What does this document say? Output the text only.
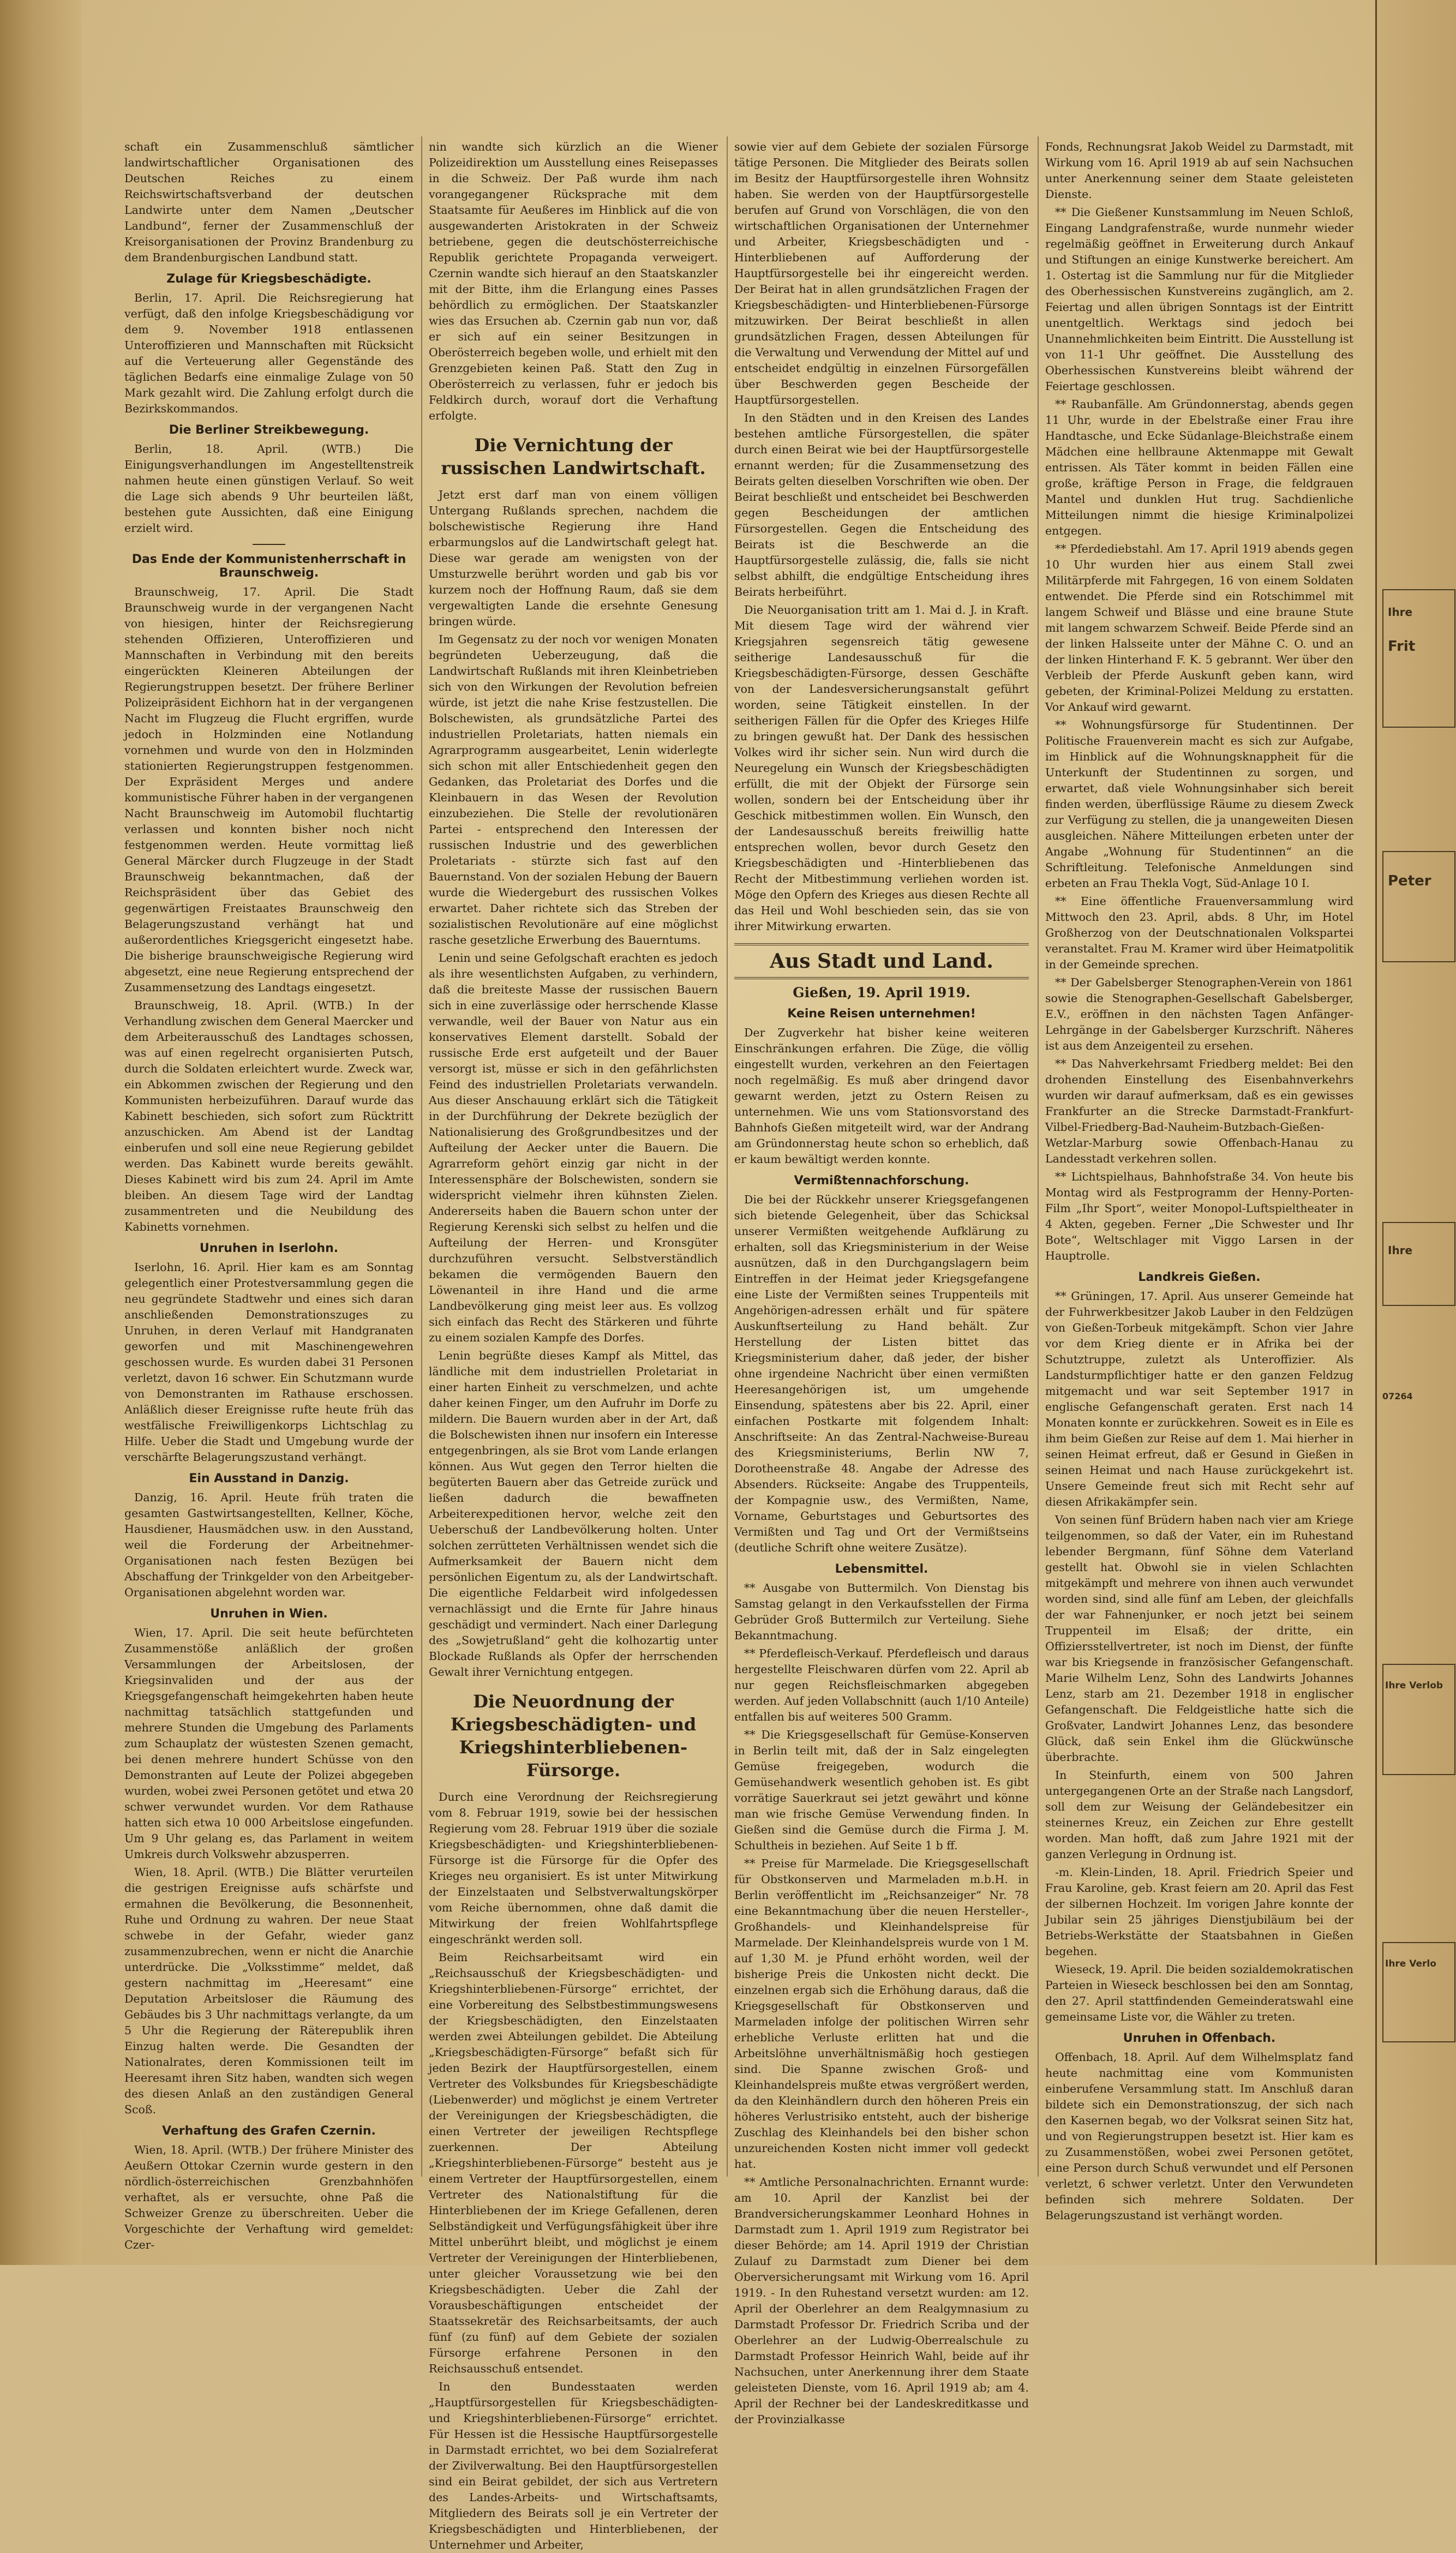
schaft ein Zusammenschluß sämtlicher landwirtschaftlicher Organisationen des Deutschen Reiches zu einem Reichswirtschaftsverband der deutschen Landwirte unter dem Namen „Deutscher Landbund“, ferner der Zusammenschluß der Kreisorganisationen der Provinz Brandenburg zu dem Brandenburgischen Landbund statt.

Zulage für Kriegsbeschädigte.

Berlin, 17. April. Die Reichsregierung hat verfügt, daß den infolge Kriegsbeschädigung vor dem 9. November 1918 entlassenen Unteroffizieren und Mannschaften mit Rücksicht auf die Verteuerung aller Gegenstände des täglichen Bedarfs eine einmalige Zulage von 50 Mark gezahlt wird. Die Zahlung erfolgt durch die Bezirkskommandos.

Die Berliner Streikbewegung.

Berlin, 18. April. (WTB.) Die Einigungsverhandlungen im Angestelltenstreik nahmen heute einen günstigen Verlauf. So weit die Lage sich abends 9 Uhr beurteilen läßt, bestehen gute Aussichten, daß eine Einigung erzielt wird.

Das Ende der Kommunistenherrschaft in Braunschweig.

Braunschweig, 17. April. Die Stadt Braunschweig wurde in der vergangenen Nacht von hiesigen, hinter der Reichsregierung stehenden Offizieren, Unteroffizieren und Mannschaften in Verbindung mit den bereits eingerückten Kleineren Abteilungen der Regierungstruppen besetzt. Der frühere Berliner Polizeipräsident Eichhorn hat in der vergangenen Nacht im Flugzeug die Flucht ergriffen, wurde jedoch in Holzminden eine Notlandung vornehmen und wurde von den in Holzminden stationierten Regierungstruppen festgenommen. Der Expräsident Merges und andere kommunistische Führer haben in der vergangenen Nacht Braunschweig im Automobil fluchtartig verlassen und konnten bisher noch nicht festgenommen werden. Heute vormittag ließ General Märcker durch Flugzeuge in der Stadt Braunschweig bekanntmachen, daß der Reichspräsident über das Gebiet des gegenwärtigen Freistaates Braunschweig den Belagerungszustand verhängt hat und außerordentliches Kriegsgericht eingesetzt habe. Die bisherige braunschweigische Regierung wird abgesetzt, eine neue Regierung entsprechend der Zusammensetzung des Landtags eingesetzt.

Braunschweig, 18. April. (WTB.) In der Verhandlung zwischen dem General Maercker und dem Arbeiterausschuß des Landtages schossen, was auf einen regelrecht organisierten Putsch, durch die Soldaten erleichtert wurde. Zweck war, ein Abkommen zwischen der Regierung und den Kommunisten herbeizuführen. Darauf wurde das Kabinett beschieden, sich sofort zum Rücktritt anzuschicken. Am Abend ist der Landtag einberufen und soll eine neue Regierung gebildet werden. Das Kabinett wurde bereits gewählt. Dieses Kabinett wird bis zum 24. April im Amte bleiben. An diesem Tage wird der Landtag zusammentreten und die Neubildung des Kabinetts vornehmen.

Unruhen in Iserlohn.

Iserlohn, 16. April. Hier kam es am Sonntag gelegentlich einer Protestversammlung gegen die neu gegründete Stadtwehr und eines sich daran anschließenden Demonstrationszuges zu Unruhen, in deren Verlauf mit Handgranaten geworfen und mit Maschinengewehren geschossen wurde. Es wurden dabei 31 Personen verletzt, davon 16 schwer. Ein Schutzmann wurde von Demonstranten im Rathause erschossen. Anläßlich dieser Ereignisse rufte heute früh das westfälische Freiwilligenkorps Lichtschlag zu Hilfe. Ueber die Stadt und Umgebung wurde der verschärfte Belagerungszustand verhängt.

Ein Ausstand in Danzig.

Danzig, 16. April. Heute früh traten die gesamten Gastwirtsangestellten, Kellner, Köche, Hausdiener, Hausmädchen usw. in den Ausstand, weil die Forderung der Arbeitnehmer-Organisationen nach festen Bezügen bei Abschaffung der Trinkgelder von den Arbeitgeber-Organisationen abgelehnt worden war.

Unruhen in Wien.

Wien, 17. April. Die seit heute befürchteten Zusammenstöße anläßlich der großen Versammlungen der Arbeitslosen, der Kriegsinvaliden und der aus der Kriegsgefangenschaft heimgekehrten haben heute nachmittag tatsächlich stattgefunden und mehrere Stunden die Umgebung des Parlaments zum Schauplatz der wüstesten Szenen gemacht, bei denen mehrere hundert Schüsse von den Demonstranten auf Leute der Polizei abgegeben wurden, wobei zwei Personen getötet und etwa 20 schwer verwundet wurden. Vor dem Rathause hatten sich etwa 10 000 Arbeitslose eingefunden. Um 9 Uhr gelang es, das Parlament in weitem Umkreis durch Volkswehr abzusperren.

Wien, 18. April. (WTB.) Die Blätter verurteilen die gestrigen Ereignisse aufs schärfste und ermahnen die Bevölkerung, die Besonnenheit, Ruhe und Ordnung zu wahren. Der neue Staat schwebe in der Gefahr, wieder ganz zusammenzubrechen, wenn er nicht die Anarchie unterdrücke. Die „Volksstimme“ meldet, daß gestern nachmittag im „Heeresamt“ eine Deputation Arbeitsloser die Räumung des Gebäudes bis 3 Uhr nachmittags verlangte, da um 5 Uhr die Regierung der Räterepublik ihren Einzug halten werde. Die Gesandten der Nationalrates, deren Kommissionen teilt im Heeresamt ihren Sitz haben, wandten sich wegen des diesen Anlaß an den zuständigen General Scoß.

Verhaftung des Grafen Czernin.

Wien, 18. April. (WTB.) Der frühere Minister des Aeußern Ottokar Czernin wurde gestern in den nördlich-österreichischen Grenzbahnhöfen verhaftet, als er versuchte, ohne Paß die Schweizer Grenze zu überschreiten. Ueber die Vorgeschichte der Verhaftung wird gemeldet: Czer-

nin wandte sich kürzlich an die Wiener Polizeidirektion um Ausstellung eines Reisepasses in die Schweiz. Der Paß wurde ihm nach vorangegangener Rücksprache mit dem Staatsamte für Aeußeres im Hinblick auf die von ausgewanderten Aristokraten in der Schweiz betriebene, gegen die deutschösterreichische Republik gerichtete Propaganda verweigert. Czernin wandte sich hierauf an den Staatskanzler mit der Bitte, ihm die Erlangung eines Passes behördlich zu ermöglichen. Der Staatskanzler wies das Ersuchen ab. Czernin gab nun vor, daß er sich auf ein seiner Besitzungen in Oberösterreich begeben wolle, und erhielt mit den Grenzgebieten keinen Paß. Statt den Zug in Oberösterreich zu verlassen, fuhr er jedoch bis Feldkirch durch, worauf dort die Verhaftung erfolgte.

Die Vernichtung der russischen Landwirtschaft.

Jetzt erst darf man von einem völligen Untergang Rußlands sprechen, nachdem die bolschewistische Regierung ihre Hand erbarmungslos auf die Landwirtschaft gelegt hat. Diese war gerade am wenigsten von der Umsturzwelle berührt worden und gab bis vor kurzem noch der Hoffnung Raum, daß sie dem vergewaltigten Lande die ersehnte Genesung bringen würde.

Im Gegensatz zu der noch vor wenigen Monaten begründeten Ueberzeugung, daß die Landwirtschaft Rußlands mit ihren Kleinbetrieben sich von den Wirkungen der Revolution befreien würde, ist jetzt die nahe Krise festzustellen. Die Bolschewisten, als grundsätzliche Partei des industriellen Proletariats, hatten niemals ein Agrarprogramm ausgearbeitet, Lenin widerlegte sich schon mit aller Entschiedenheit gegen den Gedanken, das Proletariat des Dorfes und die Kleinbauern in das Wesen der Revolution einzubeziehen. Die Stelle der revolutionären Partei - entsprechend den Interessen der russischen Industrie und des gewerblichen Proletariats - stürzte sich fast auf den Bauernstand. Von der sozialen Hebung der Bauern wurde die Wiedergeburt des russischen Volkes erwartet. Daher richtete sich das Streben der sozialistischen Revolutionäre auf eine möglichst rasche gesetzliche Erwerbung des Bauerntums.

Lenin und seine Gefolgschaft erachten es jedoch als ihre wesentlichsten Aufgaben, zu verhindern, daß die breiteste Masse der russischen Bauern sich in eine zuverlässige oder herrschende Klasse verwandle, weil der Bauer von Natur aus ein konservatives Element darstellt. Sobald der russische Erde erst aufgeteilt und der Bauer versorgt ist, müsse er sich in den gefährlichsten Feind des industriellen Proletariats verwandeln. Aus dieser Anschauung erklärt sich die Tätigkeit in der Durchführung der Dekrete bezüglich der Nationalisierung des Großgrundbesitzes und der Aufteilung der Aecker unter die Bauern. Die Agrarreform gehört einzig gar nicht in der Interessensphäre der Bolschewisten, sondern sie widerspricht vielmehr ihren kühnsten Zielen. Andererseits haben die Bauern schon unter der Regierung Kerenski sich selbst zu helfen und die Aufteilung der Herren- und Kronsgüter durchzuführen versucht. Selbstverständlich bekamen die vermögenden Bauern den Löwenanteil in ihre Hand und die arme Landbevölkerung ging meist leer aus. Es vollzog sich einfach das Recht des Stärkeren und führte zu einem sozialen Kampfe des Dorfes.

Lenin begrüßte dieses Kampf als Mittel, das ländliche mit dem industriellen Proletariat in einer harten Einheit zu verschmelzen, und achte daher keinen Finger, um den Aufruhr im Dorfe zu mildern. Die Bauern wurden aber in der Art, daß die Bolschewisten ihnen nur insofern ein Interesse entgegenbringen, als sie Brot vom Lande erlangen können. Aus Wut gegen den Terror hielten die begüterten Bauern aber das Getreide zurück und ließen dadurch die bewaffneten Arbeiterexpeditionen hervor, welche zeit den Ueberschuß der Landbevölkerung holten. Unter solchen zerrütteten Verhältnissen wendet sich die Aufmerksamkeit der Bauern nicht dem persönlichen Eigentum zu, als der Landwirtschaft. Die eigentliche Feldarbeit wird infolgedessen vernachlässigt und die Ernte für Jahre hinaus geschädigt und vermindert. Nach einer Darlegung des „Sowjetrußland“ geht die kolhozartig unter Blockade Rußlands als Opfer der herrschenden Gewalt ihrer Vernichtung entgegen.

Die Neuordnung der Kriegsbeschädigten- und Kriegshinterbliebenen-Fürsorge.

Durch eine Verordnung der Reichsregierung vom 8. Februar 1919, sowie bei der hessischen Regierung vom 28. Februar 1919 über die soziale Kriegsbeschädigten- und Kriegshinterbliebenen-Fürsorge ist die Fürsorge für die Opfer des Krieges neu organisiert. Es ist unter Mitwirkung der Einzelstaaten und Selbstverwaltungskörper vom Reiche übernommen, ohne daß damit die Mitwirkung der freien Wohlfahrtspflege eingeschränkt werden soll.

Beim Reichsarbeitsamt wird ein „Reichsausschuß der Kriegsbeschädigten- und Kriegshinterbliebenen-Fürsorge“ errichtet, der eine Vorbereitung des Selbstbestimmungswesens der Kriegsbeschädigten, den Einzelstaaten werden zwei Abteilungen gebildet. Die Abteilung „Kriegsbeschädigten-Fürsorge“ befaßt sich für jeden Bezirk der Hauptfürsorgestellen, einem Vertreter des Volksbundes für Kriegsbeschädigte (Liebenwerder) und möglichst je einem Vertreter der Vereinigungen der Kriegsbeschädigten, die einen Vertreter der jeweiligen Rechtspflege zuerkennen. Der Abteilung „Kriegshinterbliebenen-Fürsorge“ besteht aus je einem Vertreter der Hauptfürsorgestellen, einem Vertreter des Nationalstiftung für die Hinterbliebenen der im Kriege Gefallenen, deren Selbständigkeit und Verfügungsfähigkeit über ihre Mittel unberührt bleibt, und möglichst je einem Vertreter der Vereinigungen der Hinterbliebenen, unter gleicher Voraussetzung wie bei den Kriegsbeschädigten. Ueber die Zahl der Vorausbeschäftigungen entscheidet der Staatssekretär des Reichsarbeitsamts, der auch fünf (zu fünf) auf dem Gebiete der sozialen Fürsorge erfahrene Personen in den Reichsausschuß entsendet.

In den Bundesstaaten werden „Hauptfürsorgestellen für Kriegsbeschädigten- und Kriegshinterbliebenen-Fürsorge“ errichtet. Für Hessen ist die Hessische Hauptfürsorgestelle in Darmstadt errichtet, wo bei dem Sozialreferat der Zivilverwaltung. Bei den Hauptfürsorgestellen sind ein Beirat gebildet, der sich aus Vertretern des Landes-Arbeits- und Wirtschaftsamts, Mitgliedern des Beirats soll je ein Vertreter der Kriegsbeschädigten und Hinterbliebenen, der Unternehmer und Arbeiter,

sowie vier auf dem Gebiete der sozialen Fürsorge tätige Personen. Die Mitglieder des Beirats sollen im Besitz der Hauptfürsorgestelle ihren Wohnsitz haben. Sie werden von der Hauptfürsorgestelle berufen auf Grund von Vorschlägen, die von den wirtschaftlichen Organisationen der Unternehmer und Arbeiter, Kriegsbeschädigten und -Hinterbliebenen auf Aufforderung der Hauptfürsorgestelle bei ihr eingereicht werden. Der Beirat hat in allen grundsätzlichen Fragen der Kriegsbeschädigten- und Hinterbliebenen-Fürsorge mitzuwirken. Der Beirat beschließt in allen grundsätzlichen Fragen, dessen Abteilungen für die Verwaltung und Verwendung der Mittel auf und entscheidet endgültig in einzelnen Fürsorgefällen über Beschwerden gegen Bescheide der Hauptfürsorgestellen.

In den Städten und in den Kreisen des Landes bestehen amtliche Fürsorgestellen, die später durch einen Beirat wie bei der Hauptfürsorgestelle ernannt werden; für die Zusammensetzung des Beirats gelten dieselben Vorschriften wie oben. Der Beirat beschließt und entscheidet bei Beschwerden gegen Bescheidungen der amtlichen Fürsorgestellen. Gegen die Entscheidung des Beirats ist die Beschwerde an die Hauptfürsorgestelle zulässig, die, falls sie nicht selbst abhilft, die endgültige Entscheidung ihres Beirats herbeiführt.

Die Neuorganisation tritt am 1. Mai d. J. in Kraft. Mit diesem Tage wird der während vier Kriegsjahren segensreich tätig gewesene seitherige Landesausschuß für die Kriegsbeschädigten-Fürsorge, dessen Geschäfte von der Landesversicherungsanstalt geführt worden, seine Tätigkeit einstellen. In der seitherigen Fällen für die Opfer des Krieges Hilfe zu bringen gewußt hat. Der Dank des hessischen Volkes wird ihr sicher sein. Nun wird durch die Neuregelung ein Wunsch der Kriegsbeschädigten erfüllt, die mit der Objekt der Fürsorge sein wollen, sondern bei der Entscheidung über ihr Geschick mitbestimmen wollen. Ein Wunsch, den der Landesausschuß bereits freiwillig hatte entsprechen wollen, bevor durch Gesetz den Kriegsbeschädigten und -Hinterbliebenen das Recht der Mitbestimmung verliehen worden ist. Möge den Opfern des Krieges aus diesen Rechte all das Heil und Wohl beschieden sein, das sie von ihrer Mitwirkung erwarten.

Aus Stadt und Land.
Gießen, 19. April 1919.
Keine Reisen unternehmen!

Der Zugverkehr hat bisher keine weiteren Einschränkungen erfahren. Die Züge, die völlig eingestellt wurden, verkehren an den Feiertagen noch regelmäßig. Es muß aber dringend davor gewarnt werden, jetzt zu Ostern Reisen zu unternehmen. Wie uns vom Stationsvorstand des Bahnhofs Gießen mitgeteilt wird, war der Andrang am Gründonnerstag heute schon so erheblich, daß er kaum bewältigt werden konnte.

Vermißtennachforschung.

Die bei der Rückkehr unserer Kriegsgefangenen sich bietende Gelegenheit, über das Schicksal unserer Vermißten weitgehende Aufklärung zu erhalten, soll das Kriegsministerium in der Weise ausnützen, daß in den Durchgangslagern beim Eintreffen in der Heimat jeder Kriegsgefangene eine Liste der Vermißten seines Truppenteils mit Angehörigen-adressen erhält und für spätere Auskunftserteilung zu Hand behält. Zur Herstellung der Listen bittet das Kriegsministerium daher, daß jeder, der bisher ohne irgendeine Nachricht über einen vermißten Heeresangehörigen ist, um umgehende Einsendung, spätestens aber bis 22. April, einer einfachen Postkarte mit folgendem Inhalt: Anschriftseite: An das Zentral-Nachweise-Bureau des Kriegsministeriums, Berlin NW 7, Dorotheenstraße 48. Angabe der Adresse des Absenders. Rückseite: Angabe des Truppenteils, der Kompagnie usw., des Vermißten, Name, Vorname, Geburtstages und Geburtsortes des Vermißten und Tag und Ort der Vermißtseins (deutliche Schrift ohne weitere Zusätze).

Lebensmittel.

** Ausgabe von Buttermilch. Von Dienstag bis Samstag gelangt in den Verkaufsstellen der Firma Gebrüder Groß Buttermilch zur Verteilung. Siehe Bekanntmachung.

** Pferdefleisch-Verkauf. Pferdefleisch und daraus hergestellte Fleischwaren dürfen vom 22. April ab nur gegen Reichsfleischmarken abgegeben werden. Auf jeden Vollabschnitt (auch 1/10 Anteile) entfallen bis auf weiteres 500 Gramm.

** Die Kriegsgesellschaft für Gemüse-Konserven in Berlin teilt mit, daß der in Salz eingelegten Gemüse freigegeben, wodurch die Gemüsehandwerk wesentlich gehoben ist. Es gibt vorrätige Sauerkraut sei jetzt gewährt und könne man wie frische Gemüse Verwendung finden. In Gießen sind die Gemüse durch die Firma J. M. Schultheis in beziehen. Auf Seite 1 b ff.

** Preise für Marmelade. Die Kriegsgesellschaft für Obstkonserven und Marmeladen m.b.H. in Berlin veröffentlicht im „Reichsanzeiger“ Nr. 78 eine Bekanntmachung über die neuen Hersteller-, Großhandels- und Kleinhandelspreise für Marmelade. Der Kleinhandelspreis wurde von 1 M. auf 1,30 M. je Pfund erhöht worden, weil der bisherige Preis die Unkosten nicht deckt. Die einzelnen ergab sich die Erhöhung daraus, daß die Kriegsgesellschaft für Obstkonserven und Marmeladen infolge der politischen Wirren sehr erhebliche Verluste erlitten hat und die Arbeitslöhne unverhältnismäßig hoch gestiegen sind. Die Spanne zwischen Groß- und Kleinhandelspreis mußte etwas vergrößert werden, da den Kleinhändlern durch den höheren Preis ein höheres Verlustrisiko entsteht, auch der bisherige Zuschlag des Kleinhandels bei den bisher schon unzureichenden Kosten nicht immer voll gedeckt hat.

** Amtliche Personalnachrichten. Ernannt wurde: am 10. April der Kanzlist bei der Brandversicherungskammer Leonhard Hohnes in Darmstadt zum 1. April 1919 zum Registrator bei dieser Behörde; am 14. April 1919 der Christian Zulauf zu Darmstadt zum Diener bei dem Oberversicherungsamt mit Wirkung vom 16. April 1919. - In den Ruhestand versetzt wurden: am 12. April der Oberlehrer an dem Realgymnasium zu Darmstadt Professor Dr. Friedrich Scriba und der Oberlehrer an der Ludwig-Oberrealschule zu Darmstadt Professor Heinrich Wahl, beide auf ihr Nachsuchen, unter Anerkennung ihrer dem Staate geleisteten Dienste, vom 16. April 1919 ab; am 4. April der Rechner bei der Landeskreditkasse und der Provinzialkasse

Fonds, Rechnungsrat Jakob Weidel zu Darmstadt, mit Wirkung vom 16. April 1919 ab auf sein Nachsuchen unter Anerkennung seiner dem Staate geleisteten Dienste.

** Die Gießener Kunstsammlung im Neuen Schloß, Eingang Landgrafenstraße, wurde nunmehr wieder regelmäßig geöffnet in Erweiterung durch Ankauf und Stiftungen an einige Kunstwerke bereichert. Am 1. Ostertag ist die Sammlung nur für die Mitglieder des Oberhessischen Kunstvereins zugänglich, am 2. Feiertag und allen übrigen Sonntags ist der Eintritt unentgeltlich. Werktags sind jedoch bei Unannehmlichkeiten beim Eintritt. Die Ausstellung ist von 11-1 Uhr geöffnet. Die Ausstellung des Oberhessischen Kunstvereins bleibt während der Feiertage geschlossen.

** Raubanfälle. Am Gründonnerstag, abends gegen 11 Uhr, wurde in der Ebelstraße einer Frau ihre Handtasche, und Ecke Südanlage-Bleichstraße einem Mädchen eine hellbraune Aktenmappe mit Gewalt entrissen. Als Täter kommt in beiden Fällen eine große, kräftige Person in Frage, die feldgrauen Mantel und dunklen Hut trug. Sachdienliche Mitteilungen nimmt die hiesige Kriminalpolizei entgegen.

** Pferdediebstahl. Am 17. April 1919 abends gegen 10 Uhr wurden hier aus einem Stall zwei Militärpferde mit Fahrgegen, 16 von einem Soldaten entwendet. Die Pferde sind ein Rotschimmel mit langem Schweif und Blässe und eine braune Stute mit langem schwarzem Schweif. Beide Pferde sind an der linken Halsseite unter der Mähne C. O. und an der linken Hinterhand F. K. 5 gebrannt. Wer über den Verbleib der Pferde Auskunft geben kann, wird gebeten, der Kriminal-Polizei Meldung zu erstatten. Vor Ankauf wird gewarnt.

** Wohnungsfürsorge für Studentinnen. Der Politische Frauenverein macht es sich zur Aufgabe, im Hinblick auf die Wohnungsknappheit für die Unterkunft der Studentinnen zu sorgen, und erwartet, daß viele Wohnungsinhaber sich bereit finden werden, überflüssige Räume zu diesem Zweck zur Verfügung zu stellen, die ja unangeweiten Diesen ausgleichen. Nähere Mitteilungen erbeten unter der Angabe „Wohnung für Studentinnen“ an die Schriftleitung. Telefonische Anmeldungen sind erbeten an Frau Thekla Vogt, Süd-Anlage 10 I.

** Eine öffentliche Frauenversammlung wird Mittwoch den 23. April, abds. 8 Uhr, im Hotel Großherzog von der Deutschnationalen Volkspartei veranstaltet. Frau M. Kramer wird über Heimatpolitik in der Gemeinde sprechen.

** Der Gabelsberger Stenographen-Verein von 1861 sowie die Stenographen-Gesellschaft Gabelsberger, E.V., eröffnen in den nächsten Tagen Anfänger-Lehrgänge in der Gabelsberger Kurzschrift. Näheres ist aus dem Anzeigenteil zu ersehen.

** Das Nahverkehrsamt Friedberg meldet: Bei den drohenden Einstellung des Eisenbahnverkehrs wurden wir darauf aufmerksam, daß es ein gewisses Frankfurter an die Strecke Darmstadt-Frankfurt-Vilbel-Friedberg-Bad-Nauheim-Butzbach-Gießen-Wetzlar-Marburg sowie Offenbach-Hanau zu Landesstadt verkehren sollen.

** Lichtspielhaus, Bahnhofstraße 34. Von heute bis Montag wird als Festprogramm der Henny-Porten-Film „Ihr Sport“, weiter Monopol-Luftspieltheater in 4 Akten, gegeben. Ferner „Die Schwester und Ihr Bote“, Weltschlager mit Viggo Larsen in der Hauptrolle.

Landkreis Gießen.

** Grüningen, 17. April. Aus unserer Gemeinde hat der Fuhrwerkbesitzer Jakob Lauber in den Feldzügen von Gießen-Torbeuk mitgekämpft. Schon vier Jahre vor dem Krieg diente er in Afrika bei der Schutztruppe, zuletzt als Unteroffizier. Als Landsturmpflichtiger hatte er den ganzen Feldzug mitgemacht und war seit September 1917 in englische Gefangenschaft geraten. Erst nach 14 Monaten konnte er zurückkehren. Soweit es in Eile es ihm beim Gießen zur Reise auf dem 1. Mai hierher in seinen Heimat erfreut, daß er Gesund in Gießen in seinen Heimat und nach Hause zurückgekehrt ist. Unsere Gemeinde freut sich mit Recht sehr auf diesen Afrikakämpfer sein.

Von seinen fünf Brüdern haben nach vier am Kriege teilgenommen, so daß der Vater, ein im Ruhestand lebender Bergmann, fünf Söhne dem Vaterland gestellt hat. Obwohl sie in vielen Schlachten mitgekämpft und mehrere von ihnen auch verwundet worden sind, sind alle fünf am Leben, der gleichfalls der war Fahnenjunker, er noch jetzt bei seinem Truppenteil im Elsaß; der dritte, ein Offiziersstellvertreter, ist noch im Dienst, der fünfte war bis Kriegsende in französischer Gefangenschaft. Marie Wilhelm Lenz, Sohn des Landwirts Johannes Lenz, starb am 21. Dezember 1918 in englischer Gefangenschaft. Die Feldgeistliche hatte sich die Großvater, Landwirt Johannes Lenz, das besondere Glück, daß sein Enkel ihm die Glückwünsche überbrachte.

In Steinfurth, einem von 500 Jahren untergegangenen Orte an der Straße nach Langsdorf, soll dem zur Weisung der Geländebesitzer ein steinernes Kreuz, ein Zeichen zur Ehre gestellt worden. Man hofft, daß zum Jahre 1921 mit der ganzen Verlegung in Ordnung ist.

-m. Klein-Linden, 18. April. Friedrich Speier und Frau Karoline, geb. Krast feiern am 20. April das Fest der silbernen Hochzeit. Im vorigen Jahre konnte der Jubilar sein 25 jähriges Dienstjubiläum bei der Betriebs-Werkstätte der Staatsbahnen in Gießen begehen.

Wieseck, 19. April. Die beiden sozialdemokratischen Parteien in Wieseck beschlossen bei den am Sonntag, den 27. April stattfindenden Gemeinderatswahl eine gemeinsame Liste vor, die Wähler zu treten.

Unruhen in Offenbach.

Offenbach, 18. April. Auf dem Wilhelmsplatz fand heute nachmittag eine vom Kommunisten einberufene Versammlung statt. Im Anschluß daran bildete sich ein Demonstrationszug, der sich nach den Kasernen begab, wo der Volksrat seinen Sitz hat, und von Regierungstruppen besetzt ist. Hier kam es zu Zusammenstößen, wobei zwei Personen getötet, eine Person durch Schuß verwundet und elf Personen verletzt, 6 schwer verletzt. Unter den Verwundeten befinden sich mehrere Soldaten. Der Belagerungszustand ist verhängt worden.

Ihre
Frit
Peter
Ihre
07264
Ihre Verlob
Ihre Verlo
